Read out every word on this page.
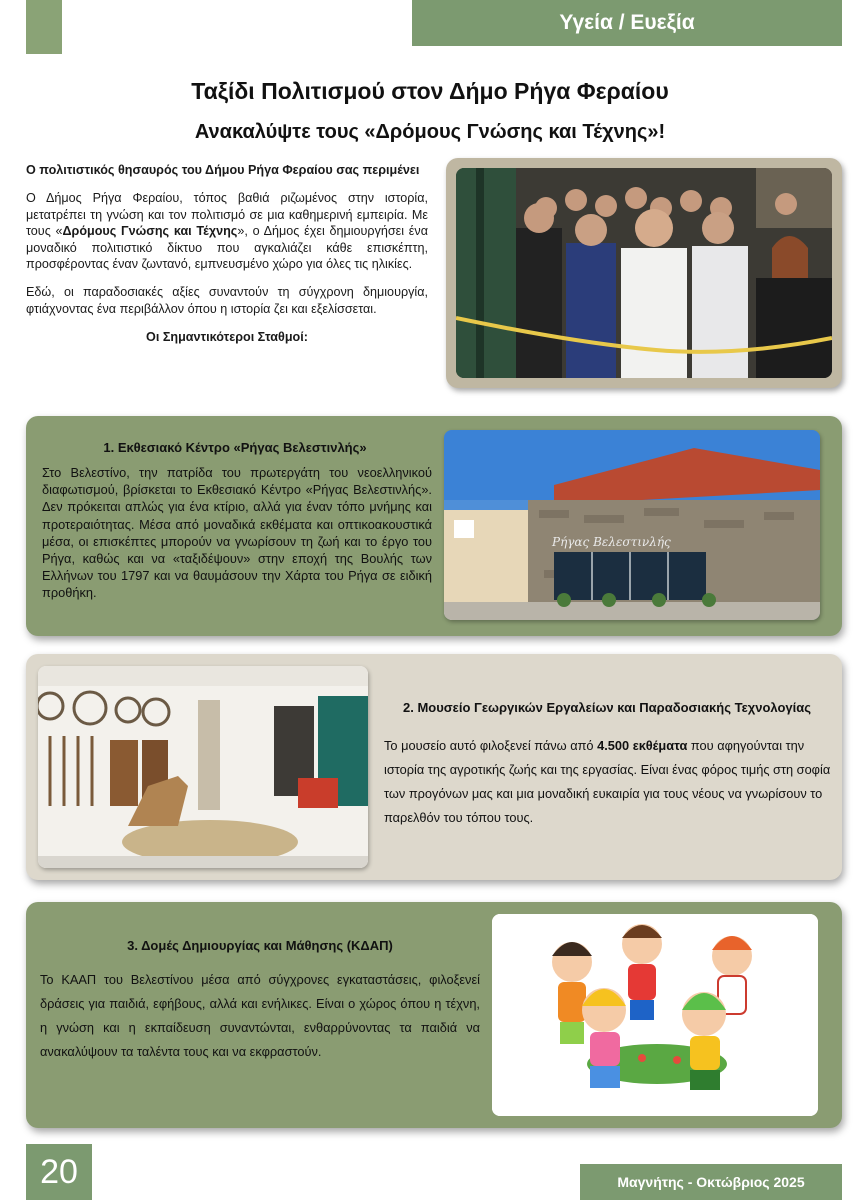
Υγεία / Ευεξία
Ταξίδι Πολιτισμού στον Δήμο Ρήγα Φεραίου
Ανακαλύψτε τους «Δρόμους Γνώσης και Τέχνης»!

Ο πολιτιστικός θησαυρός του Δήμου Ρήγα Φεραίου σας περιμένει

Ο Δήμος Ρήγα Φεραίου, τόπος βαθιά ριζωμένος στην ιστορία, μετατρέπει τη γνώση και τον πολιτισμό σε μια καθημερινή εμπειρία. Με τους «Δρόμους Γνώσης και Τέχνης», ο Δήμος έχει δημιουργήσει ένα μοναδικό πολιτιστικό δίκτυο που αγκαλιάζει κάθε επισκέπτη, προσφέροντας έναν ζωντανό, εμπνευσμένο χώρο για όλες τις ηλικίες.

Εδώ, οι παραδοσιακές αξίες συναντούν τη σύγχρονη δημιουργία, φτιάχνοντας ένα περιβάλλον όπου η ιστορία ζει και εξελίσσεται.

Οι Σημαντικότεροι Σταθμοί:

1. Εκθεσιακό Κέντρο «Ρήγας Βελεστινλής»
Στο Βελεστίνο, την πατρίδα του πρωτεργάτη του νεοελληνικού διαφωτισμού, βρίσκεται το Εκθεσιακό Κέντρο «Ρήγας Βελεστινλής». Δεν πρόκειται απλώς για ένα κτίριο, αλλά για έναν τόπο μνήμης και προτεραιότητας. Μέσα από μοναδικά εκθέματα και οπτικοακουστικά μέσα, οι επισκέπτες μπορούν να γνωρίσουν τη ζωή και το έργο του Ρήγα, καθώς και να «ταξιδέψουν» στην εποχή της Βουλής των Ελλήνων του 1797 και να θαυμάσουν την Χάρτα του Ρήγα σε ειδική προθήκη.
Ρήγας Βελεστινλής
2. Μουσείο Γεωργικών Εργαλείων και Παραδοσιακής Τεχνολογίας
Το μουσείο αυτό φιλοξενεί πάνω από 4.500 εκθέματα που αφηγούνται την ιστορία της αγροτικής ζωής και της εργασίας. Είναι ένας φόρος τιμής στη σοφία των προγόνων μας και μια μοναδική ευκαιρία για τους νέους να γνωρίσουν το παρελθόν του τόπου τους.
3. Δομές Δημιουργίας και Μάθησης (ΚΔΑΠ)
Το ΚΑΑΠ του Βελεστίνου μέσα από σύγχρονες εγκαταστάσεις, φιλοξενεί δράσεις για παιδιά, εφήβους, αλλά και ενήλικες. Είναι ο χώρος όπου η τέχνη, η γνώση και η εκπαίδευση συναντώνται, ενθαρρύνοντας τα παιδιά να ανακαλύψουν τα ταλέντα τους και να εκφραστούν.
20	Μαγνήτης - Οκτώβριος 2025
